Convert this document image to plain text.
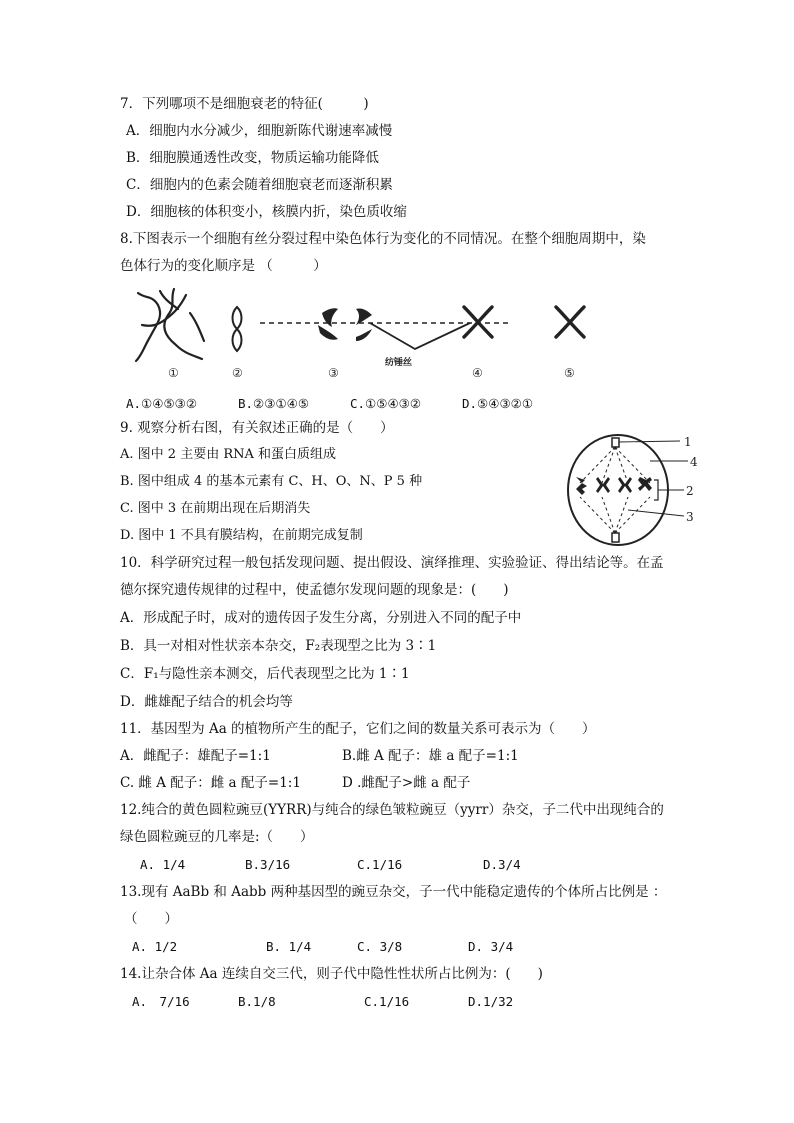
7．下列哪项不是细胞衰老的特征(　　　)
A．细胞内水分减少，细胞新陈代谢速率减慢
B．细胞膜通透性改变，物质运输功能降低
C．细胞内的色素会随着细胞衰老而逐渐积累
D．细胞核的体积变小，核膜内折，染色质收缩
8.下图表示一个细胞有丝分裂过程中染色体行为变化的不同情况。在整个细胞周期中，染
色体行为的变化顺序是 （　　　）
纺锤丝
①	②	③	④	⑤
A.①④⑤③②	B.②③①④⑤	C.①⑤④③②	D.⑤④③②①
9. 观察分析右图，有关叙述正确的是（　　）
A. 图中 2 主要由 RNA 和蛋白质组成
B. 图中组成 4 的基本元素有 C、H、O、N、P 5 种
C. 图中 3 在前期出现在后期消失
D. 图中 1 不具有膜结构，在前期完成复制
1
4
2
3
10．科学研究过程一般包括发现问题、提出假设、演绎推理、实验验证、得出结论等。在孟
德尔探究遗传规律的过程中，使孟德尔发现问题的现象是：(　　)
A．形成配子时，成对的遗传因子发生分离，分别进入不同的配子中
B．具一对相对性状亲本杂交，F₂表现型之比为 3∶1
C．F₁与隐性亲本测交，后代表现型之比为 1∶1
D．雌雄配子结合的机会均等
11．基因型为 Aa 的植物所产生的配子，它们之间的数量关系可表示为（　　）
A．雌配子：雄配子=1:1	B.雌 A 配子：雄 a 配子=1:1
C. 雌 A 配子：雌 a 配子=1:1	D .雌配子>雌 a 配子
12.纯合的黄色圆粒豌豆(YYRR)与纯合的绿色皱粒豌豆（yyrr）杂交，子二代中出现纯合的
绿色圆粒豌豆的几率是:（　　）
A. 1/4	B.3/16	C.1/16	D.3/4
13.现有 AaBb 和 Aabb 两种基因型的豌豆杂交，子一代中能稳定遗传的个体所占比例是 ：
（　　）
A. 1/2	B. 1/4	C. 3/8	D. 3/4
14.让杂合体 Aa 连续自交三代，则子代中隐性性状所占比例为：(　　)
A.　7/16	B.1/8	C.1/16	D.1/32
